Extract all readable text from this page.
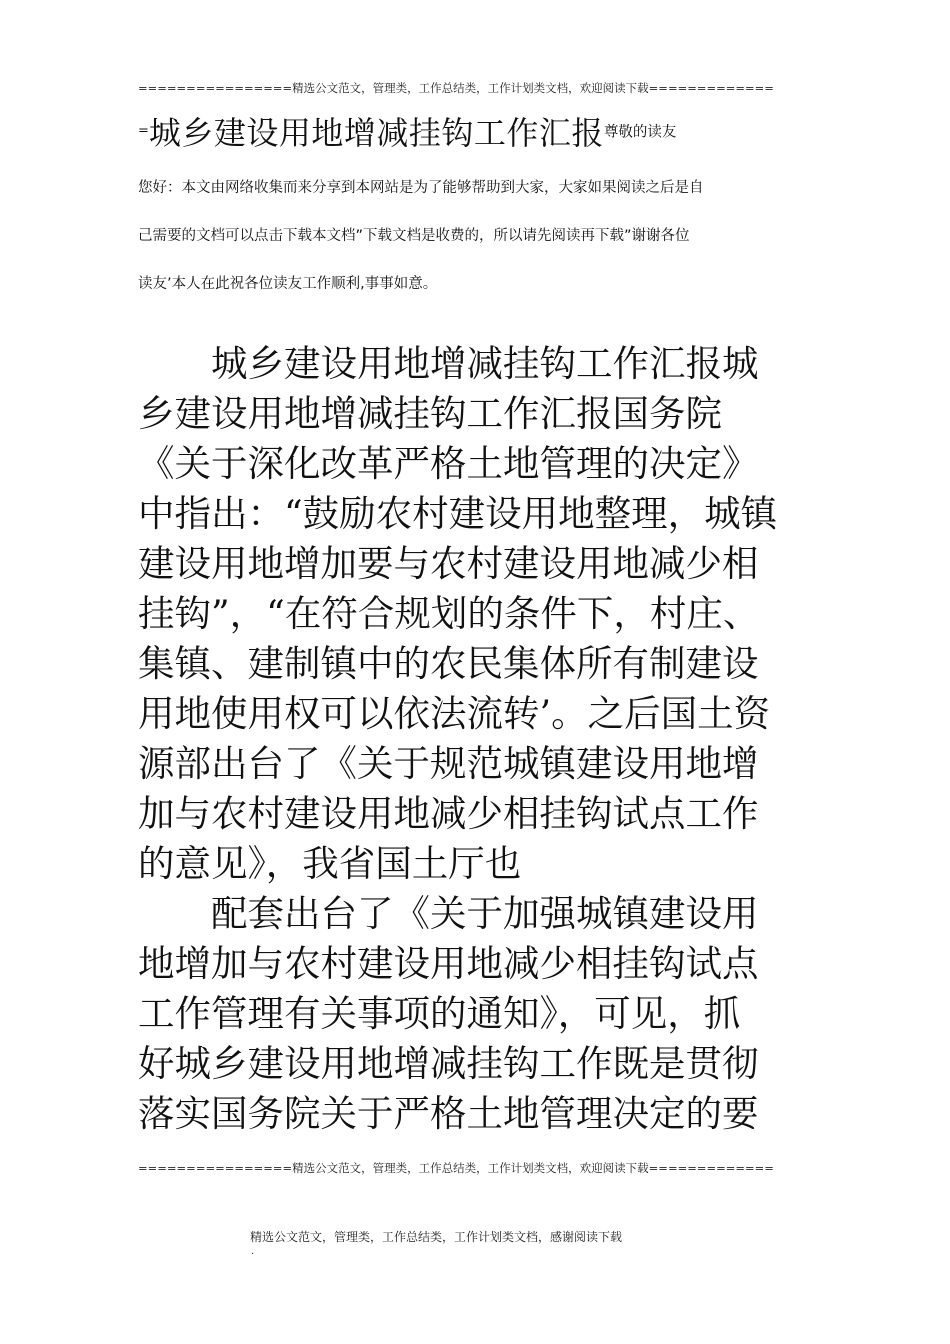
================精选公文范文，管理类，工作总结类，工作计划类文档，欢迎阅读下载=============
=城乡建设用地增减挂钩工作汇报尊敬的读友
您好：本文由网络收集而来分享到本网站是为了能够帮助到大家，大家如果阅读之后是自
己需要的文档可以点击下载本文档”下载文档是收费的，所以请先阅读再下载”谢谢各位
读友’本人在此祝各位读友工作顺利,事事如意。
　　城乡建设用地增减挂钩工作汇报城
乡建设用地增减挂钩工作汇报国务院
《关于深化改革严格土地管理的决定》
中指出：“鼓励农村建设用地整理，城镇
建设用地增加要与农村建设用地减少相
挂钩”，“在符合规划的条件下，村庄、
集镇、建制镇中的农民集体所有制建设
用地使用权可以依法流转’。之后国土资
源部出台了《关于规范城镇建设用地增
加与农村建设用地减少相挂钩试点工作
的意见》，我省国土厅也
　　配套出台了《关于加强城镇建设用
地增加与农村建设用地减少相挂钩试点
工作管理有关事项的通知》，可见，抓
好城乡建设用地增减挂钩工作既是贯彻
落实国务院关于严格土地管理决定的要
================精选公文范文，管理类，工作总结类，工作计划类文档，欢迎阅读下载=============
精选公文范文，管理类，工作总结类，工作计划类文档，感谢阅读下载
.
